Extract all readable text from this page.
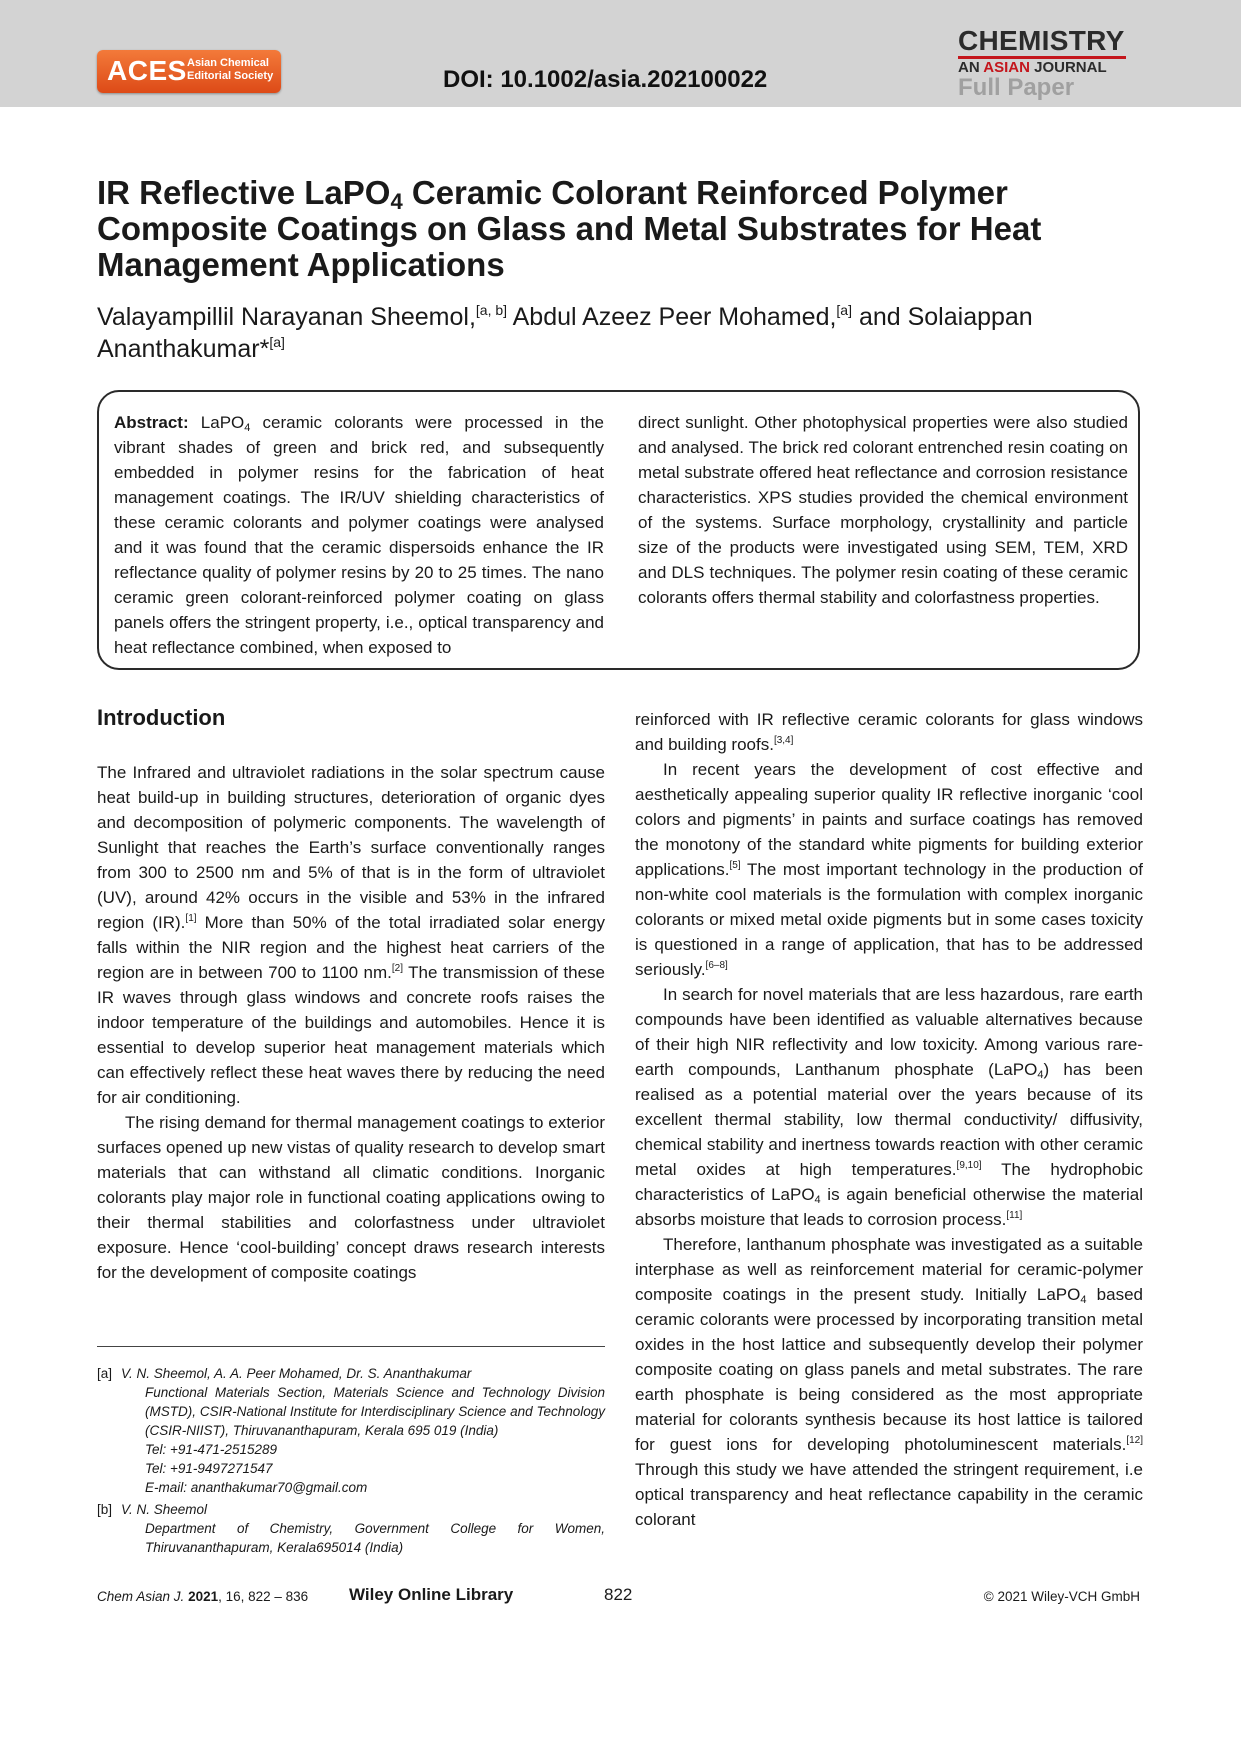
ACES Asian Chemical
Editorial Society	DOI: 10.1002/asia.202100022
CHEMISTRY
AN ASIAN JOURNAL
Full Paper
IR Reflective LaPO$_4$ Ceramic Colorant Reinforced Polymer Composite Coatings on Glass and Metal Substrates for Heat Management Applications
Valayampillil Narayanan Sheemol,[a, b] Abdul Azeez Peer Mohamed,[a] and Solaiappan Ananthakumar*[a]
Abstract: LaPO$_4$ ceramic colorants were processed in the vibrant shades of green and brick red, and subsequently embedded in polymer resins for the fabrication of heat management coatings. The IR/UV shielding characteristics of these ceramic colorants and polymer coatings were analysed and it was found that the ceramic dispersoids enhance the IR reflectance quality of polymer resins by 20 to 25 times. The nano ceramic green colorant-reinforced polymer coating on glass panels offers the stringent property, i.e., optical transparency and heat reflectance combined, when exposed to
direct sunlight. Other photophysical properties were also studied and analysed. The brick red colorant entrenched resin coating on metal substrate offered heat reflectance and corrosion resistance characteristics. XPS studies provided the chemical environment of the systems. Surface morphology, crystallinity and particle size of the products were investigated using SEM, TEM, XRD and DLS techniques. The polymer resin coating of these ceramic colorants offers thermal stability and colorfastness properties.
Introduction

The Infrared and ultraviolet radiations in the solar spectrum cause heat build-up in building structures, deterioration of organic dyes and decomposition of polymeric components. The wavelength of Sunlight that reaches the Earth’s surface conventionally ranges from 300 to 2500 nm and 5% of that is in the form of ultraviolet (UV), around 42% occurs in the visible and 53% in the infrared region (IR).[1] More than 50% of the total irradiated solar energy falls within the NIR region and the highest heat carriers of the region are in between 700 to 1100 nm.[2] The transmission of these IR waves through glass windows and concrete roofs raises the indoor temperature of the buildings and automobiles. Hence it is essential to develop superior heat management materials which can effectively reflect these heat waves there by reducing the need for air conditioning.

The rising demand for thermal management coatings to exterior surfaces opened up new vistas of quality research to develop smart materials that can withstand all climatic conditions. Inorganic colorants play major role in functional coating applications owing to their thermal stabilities and colorfastness under ultraviolet exposure. Hence ‘cool-building’ concept draws research interests for the development of composite coatings

reinforced with IR reflective ceramic colorants for glass windows and building roofs.[3,4]

In recent years the development of cost effective and aesthetically appealing superior quality IR reflective inorganic ‘cool colors and pigments’ in paints and surface coatings has removed the monotony of the standard white pigments for building exterior applications.[5] The most important technology in the production of non-white cool materials is the formulation with complex inorganic colorants or mixed metal oxide pigments but in some cases toxicity is questioned in a range of application, that has to be addressed seriously.[6–8]

In search for novel materials that are less hazardous, rare earth compounds have been identified as valuable alternatives because of their high NIR reflectivity and low toxicity. Among various rare-earth compounds, Lanthanum phosphate (LaPO$_4$) has been realised as a potential material over the years because of its excellent thermal stability, low thermal conductivity/ diffusivity, chemical stability and inertness towards reaction with other ceramic metal oxides at high temperatures.[9,10] The hydrophobic characteristics of LaPO$_4$ is again beneficial otherwise the material absorbs moisture that leads to corrosion process.[11]

Therefore, lanthanum phosphate was investigated as a suitable interphase as well as reinforcement material for ceramic-polymer composite coatings in the present study. Initially LaPO$_4$ based ceramic colorants were processed by incorporating transition metal oxides in the host lattice and subsequently develop their polymer composite coating on glass panels and metal substrates. The rare earth phosphate is being considered as the most appropriate material for colorants synthesis because its host lattice is tailored for guest ions for developing photoluminescent materials.[12] Through this study we have attended the stringent requirement, i.e optical transparency and heat reflectance capability in the ceramic colorant

[a] V. N. Sheemol, A. A. Peer Mohamed, Dr. S. Ananthakumar
Functional Materials Section, Materials Science and Technology Division (MSTD), CSIR-National Institute for Interdisciplinary Science and Technology (CSIR-NIIST), Thiruvananthapuram, Kerala 695 019 (India)
Tel: +91-471-2515289
Tel: +91-9497271547
E-mail: ananthakumar70@gmail.com
[b] V. N. Sheemol
Department of Chemistry, Government College for Women, Thiruvananthapuram, Kerala695014 (India)
Chem Asian J. 2021, 16, 822 – 836 Wiley Online Library	822	© 2021 Wiley-VCH GmbH
